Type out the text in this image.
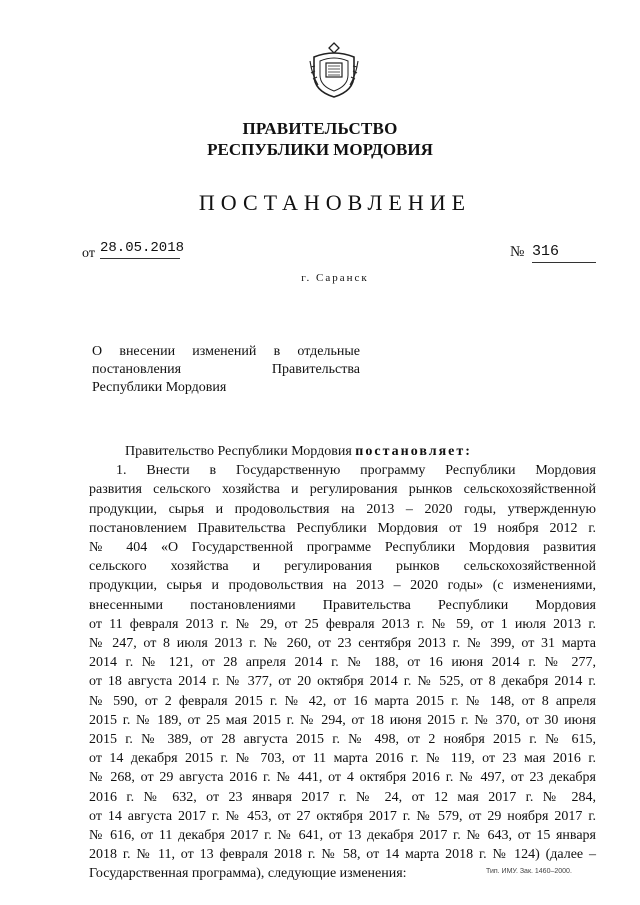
ПРАВИТЕЛЬСТВО
РЕСПУБЛИКИ МОРДОВИЯ
ПОСТАНОВЛЕНИЕ
от 28.05.2018	№ 316
г. Саранск
О внесении изменений в отдельные
постановления Правительства
Республики Мордовия
Правительство Республики Мордовия постановляет:
1. Внести в Государственную программу Республики Мордовия
развития сельского хозяйства и регулирования рынков сельскохозяйственной
продукции, сырья и продовольствия на 2013 – 2020 годы, утвержденную
постановлением Правительства Республики Мордовия от 19 ноября 2012 г.
№ 404 «О Государственной программе Республики Мордовия развития
сельского хозяйства и регулирования рынков сельскохозяйственной
продукции, сырья и продовольствия на 2013 – 2020 годы» (с изменениями,
внесенными постановлениями Правительства Республики Мордовия
от 11 февраля 2013 г. № 29, от 25 февраля 2013 г. № 59, от 1 июля 2013 г.
№ 247, от 8 июля 2013 г. № 260, от 23 сентября 2013 г. № 399, от 31 марта
2014 г. № 121, от 28 апреля 2014 г. № 188, от 16 июня 2014 г. № 277,
от 18 августа 2014 г. № 377, от 20 октября 2014 г. № 525, от 8 декабря 2014 г.
№ 590, от 2 февраля 2015 г. № 42, от 16 марта 2015 г. № 148, от 8 апреля
2015 г. № 189, от 25 мая 2015 г. № 294, от 18 июня 2015 г. № 370, от 30 июня
2015 г. № 389, от 28 августа 2015 г. № 498, от 2 ноября 2015 г. № 615,
от 14 декабря 2015 г. № 703, от 11 марта 2016 г. № 119, от 23 мая 2016 г.
№ 268, от 29 августа 2016 г. № 441, от 4 октября 2016 г. № 497, от 23 декабря
2016 г. № 632, от 23 января 2017 г. № 24, от 12 мая 2017 г. № 284,
от 14 августа 2017 г. № 453, от 27 октября 2017 г. № 579, от 29 ноября 2017 г.
№ 616, от 11 декабря 2017 г. № 641, от 13 декабря 2017 г. № 643, от 15 января
2018 г. № 11, от 13 февраля 2018 г. № 58, от 14 марта 2018 г. № 124) (далее –
Государственная программа), следующие изменения:	Тип. ИМУ. Зак. 1460–2000.
